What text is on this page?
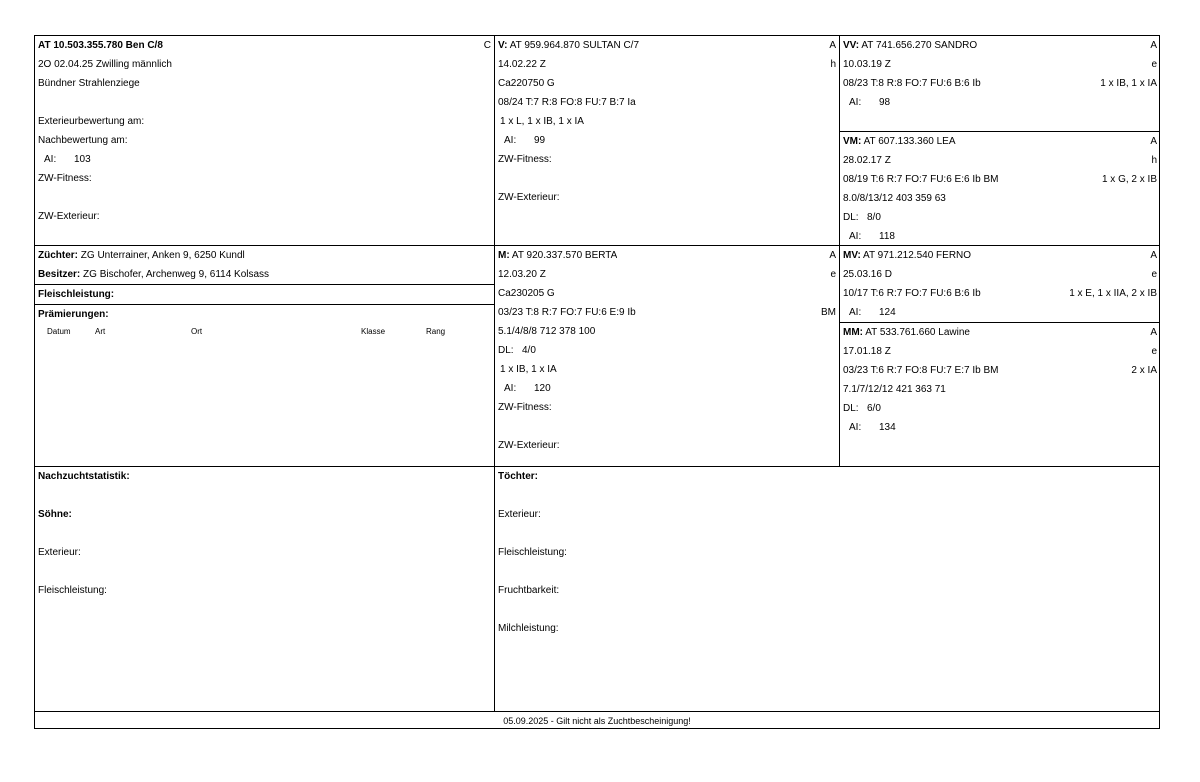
AT 10.503.355.780 Ben C/8	C
2O 02.04.25 Zwilling männlich
Bündner Strahlenziege
Exterieurbewertung am:
Nachbewertung am:
AI: 103
ZW-Fitness:
ZW-Exterieur:
Züchter: ZG Unterrainer, Anken 9, 6250 Kundl
Besitzer: ZG Bischofer, Archenweg 9, 6114 Kolsass
Fleischleistung:
Prämierungen:
Datum	Art	Ort	Klasse	Rang
V: AT 959.964.870 SULTAN C/7	A
14.02.22 Z	h
Ca220750 G
08/24 T:7 R:8 FO:8 FU:7 B:7 Ia
1 x L, 1 x IB, 1 x IA
AI: 99
ZW-Fitness:
ZW-Exterieur:
M: AT 920.337.570 BERTA	A
12.03.20 Z	e
Ca230205 G
03/23 T:8 R:7 FO:7 FU:6 E:9 Ib	BM
5.1/4/8/8 712 378 100
DL: 4/0
1 x IB, 1 x IA
AI: 120
ZW-Fitness:
ZW-Exterieur:
VV: AT 741.656.270 SANDRO	A
10.03.19 Z	e
08/23 T:8 R:8 FO:7 FU:6 B:6 Ib	1 x IB, 1 x IA
AI: 98
VM: AT 607.133.360 LEA	A
28.02.17 Z	h
08/19 T:6 R:7 FO:7 FU:6 E:6 Ib BM	1 x G, 2 x IB
8.0/8/13/12 403 359 63
DL: 8/0
AI: 118
MV: AT 971.212.540 FERNO	A
25.03.16 D	e
10/17 T:6 R:7 FO:7 FU:6 B:6 Ib	1 x E, 1 x IIA, 2 x IB
AI: 124
MM: AT 533.761.660 Lawine	A
17.01.18 Z	e
03/23 T:6 R:7 FO:8 FU:7 E:7 Ib BM	2 x IA
7.1/7/12/12 421 363 71
DL: 6/0
AI: 134
Nachzuchtstatistik:
Söhne:
Exterieur:
Fleischleistung:
Töchter:
Exterieur:
Fleischleistung:
Fruchtbarkeit:
Milchleistung:
05.09.2025 - Gilt nicht als Zuchtbescheinigung!
